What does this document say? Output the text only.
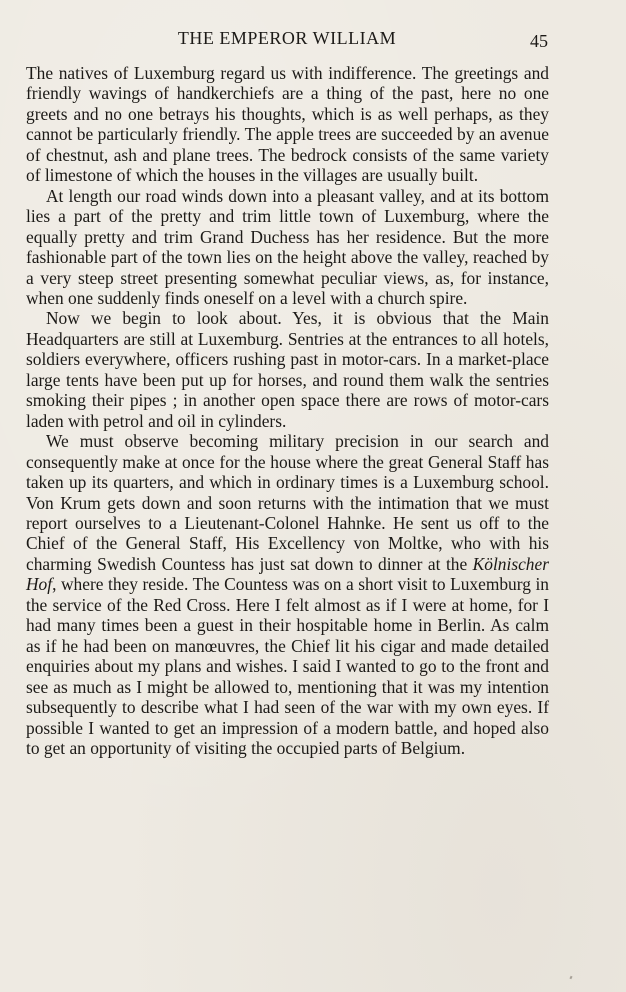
THE EMPEROR WILLIAM	45

The natives of Luxemburg regard us with indifference. The greetings and friendly wavings of handkerchiefs are a thing of the past, here no one greets and no one betrays his thoughts, which is as well perhaps, as they cannot be particularly friendly. The apple trees are succeeded by an avenue of chestnut, ash and plane trees. The bedrock consists of the same variety of limestone of which the houses in the villages are usually built.

At length our road winds down into a pleasant valley, and at its bottom lies a part of the pretty and trim little town of Luxemburg, where the equally pretty and trim Grand Duchess has her residence. But the more fashionable part of the town lies on the height above the valley, reached by a very steep street presenting somewhat peculiar views, as, for instance, when one suddenly finds oneself on a level with a church spire.

Now we begin to look about. Yes, it is obvious that the Main Headquarters are still at Luxemburg. Sentries at the entrances to all hotels, soldiers everywhere, officers rushing past in motor-cars. In a market-place large tents have been put up for horses, and round them walk the sentries smoking their pipes ; in another open space there are rows of motor-cars laden with petrol and oil in cylinders.

We must observe becoming military precision in our search and consequently make at once for the house where the great General Staff has taken up its quarters, and which in ordinary times is a Luxemburg school. Von Krum gets down and soon returns with the intimation that we must report ourselves to a Lieutenant-Colonel Hahnke. He sent us off to the Chief of the General Staff, His Excellency von Moltke, who with his charming Swedish Countess has just sat down to dinner at the Kölnischer Hof, where they reside. The Countess was on a short visit to Luxemburg in the service of the Red Cross. Here I felt almost as if I were at home, for I had many times been a guest in their hospitable home in Berlin. As calm as if he had been on manœuvres, the Chief lit his cigar and made detailed enquiries about my plans and wishes. I said I wanted to go to the front and see as much as I might be allowed to, mentioning that it was my intention subsequently to describe what I had seen of the war with my own eyes. If possible I wanted to get an impression of a modern battle, and hoped also to get an opportunity of visiting the occupied parts of Belgium.
